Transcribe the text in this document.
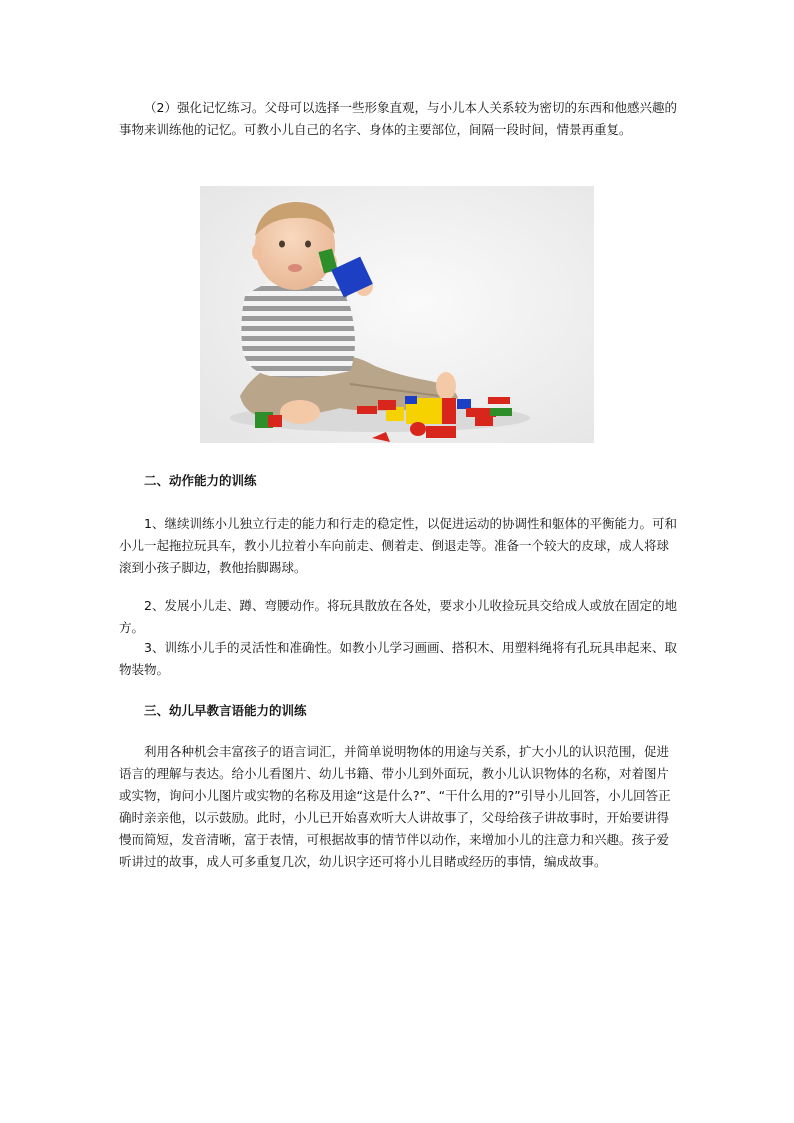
（2）强化记忆练习。父母可以选择一些形象直观，与小儿本人关系较为密切的东西和他感兴趣的事物来训练他的记忆。可教小儿自己的名字、身体的主要部位，间隔一段时间，情景再重复。

二、动作能力的训练

1、继续训练小儿独立行走的能力和行走的稳定性，以促进运动的协调性和躯体的平衡能力。可和小儿一起拖拉玩具车，教小儿拉着小车向前走、侧着走、倒退走等。准备一个较大的皮球，成人将球滚到小孩子脚边，教他抬脚踢球。

2、发展小儿走、蹲、弯腰动作。将玩具散放在各处，要求小儿收捡玩具交给成人或放在固定的地方。

3、训练小儿手的灵活性和准确性。如教小儿学习画画、搭积木、用塑料绳将有孔玩具串起来、取物装物。

三、幼儿早教言语能力的训练

利用各种机会丰富孩子的语言词汇，并简单说明物体的用途与关系，扩大小儿的认识范围，促进语言的理解与表达。给小儿看图片、幼儿书籍、带小儿到外面玩，教小儿认识物体的名称，对着图片或实物，询问小儿图片或实物的名称及用途“这是什么?”、“干什么用的?”引导小儿回答，小儿回答正确时亲亲他，以示鼓励。此时，小儿已开始喜欢听大人讲故事了，父母给孩子讲故事时，开始要讲得慢而简短，发音清晰，富于表情，可根据故事的情节伴以动作，来增加小儿的注意力和兴趣。孩子爱听讲过的故事，成人可多重复几次，幼儿识字还可将小儿目睹或经历的事情，编成故事。
